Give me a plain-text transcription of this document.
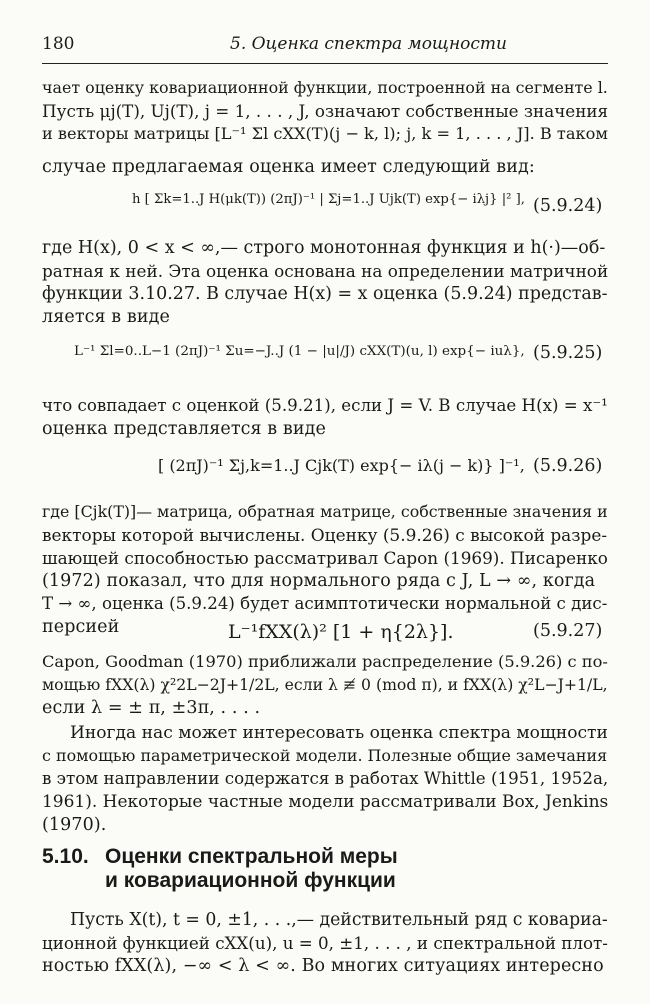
180	5. Оценка спектра мощности
чает оценку ковариационной функции, построенной на сегменте l.
Пусть μj(T), Uj(T), j = 1, . . . , J, означают собственные значения
и векторы матрицы [L⁻¹ Σl cXX(T)(j − k, l); j, k = 1, . . . , J]. В таком
случае предлагаемая оценка имеет следующий вид:
h [ Σk=1..J H(μk(T)) (2πJ)⁻¹ | Σj=1..J Ujk(T) exp{− iλj} |² ], (5.9.24)
где H(x), 0 < x < ∞,— строго монотонная функция и h(·)—об-
ратная к ней. Эта оценка основана на определении матричной
функции 3.10.27. В случае H(x) = x оценка (5.9.24) представ-
ляется в виде
L⁻¹ Σl=0..L−1 (2πJ)⁻¹ Σu=−J..J (1 − |u|/J) cXX(T)(u, l) exp{− iuλ}, (5.9.25)
что совпадает с оценкой (5.9.21), если J = V. В случае H(x) = x⁻¹
оценка представляется в виде
[ (2πJ)⁻¹ Σj,k=1..J Cjk(T) exp{− iλ(j − k)} ]⁻¹, (5.9.26)
где [Cjk(T)]— матрица, обратная матрице, собственные значения и
векторы которой вычислены. Оценку (5.9.26) с высокой разре-
шающей способностью рассматривал Capon (1969). Писаренко
(1972) показал, что для нормального ряда с J, L → ∞, когда
T → ∞, оценка (5.9.24) будет асимптотически нормальной с дис-
персией	L⁻¹fXX(λ)² [1 + η{2λ}].	(5.9.27)
Capon, Goodman (1970) приближали распределение (5.9.26) с по-
мощью fXX(λ) χ²2L−2J+1/2L, если λ ≢ 0 (mod π), и fXX(λ) χ²L−J+1/L,
если λ = ± π, ±3π, . . . .
Иногда нас может интересовать оценка спектра мощности
с помощью параметрической модели. Полезные общие замечания
в этом направлении содержатся в работах Whittle (1951, 1952a,
1961). Некоторые частные модели рассматривали Box, Jenkins
(1970).
5.10. Оценки спектральной меры
и ковариационной функции
Пусть X(t), t = 0, ±1, . . .,— действительный ряд с ковариа-
ционной функцией cXX(u), u = 0, ±1, . . . , и спектральной плот-
ностью fXX(λ), −∞ < λ < ∞. Во многих ситуациях интересно
